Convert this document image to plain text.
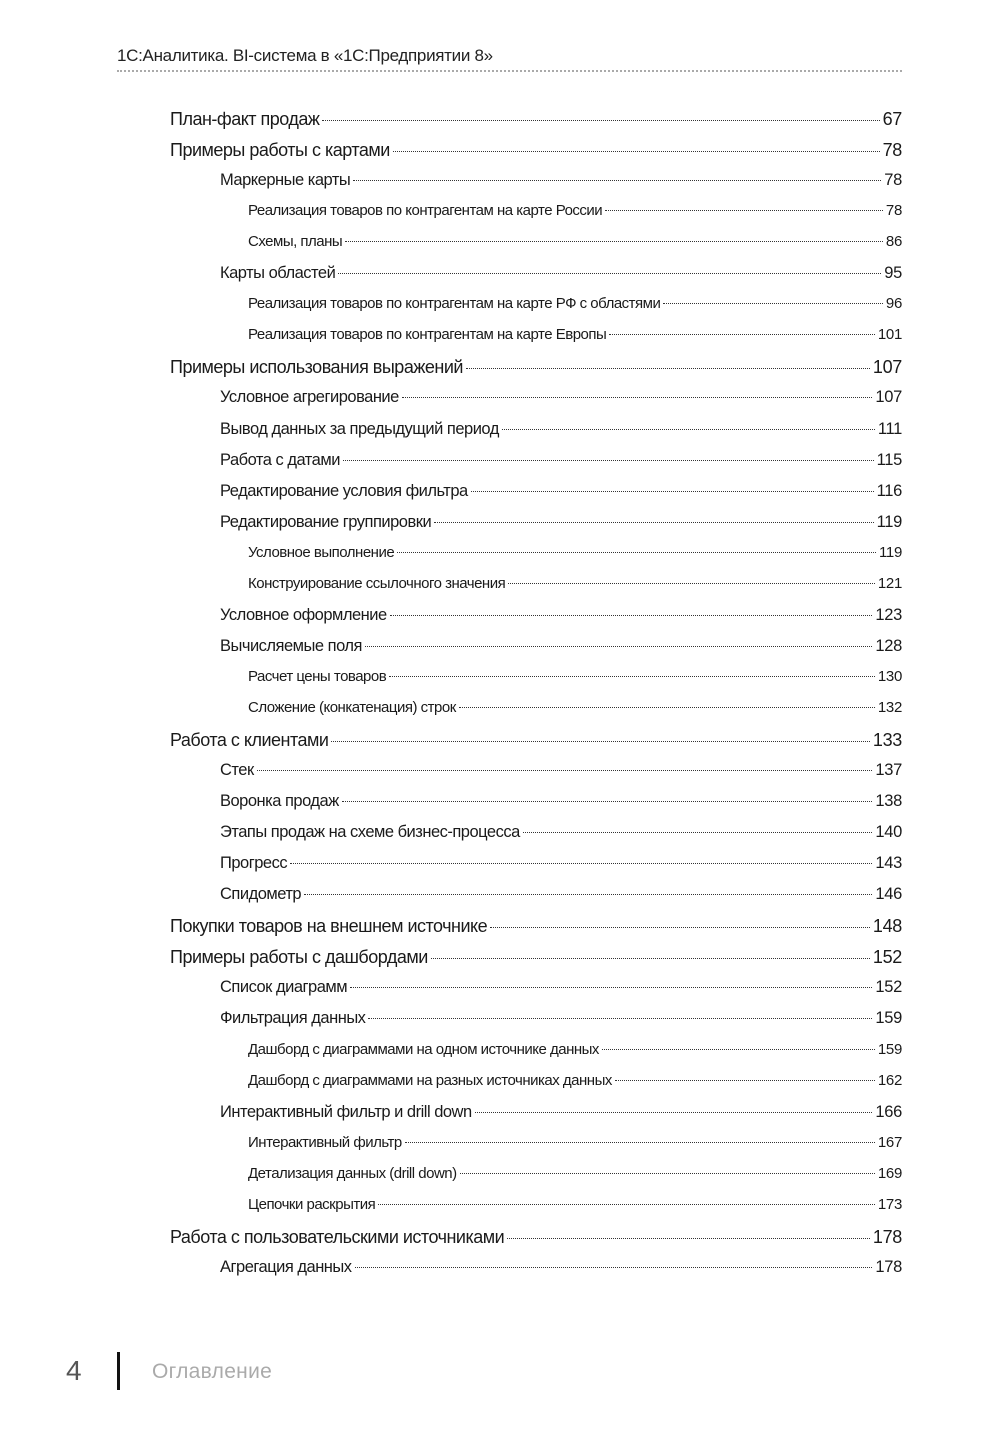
1С:Аналитика. BI-система в «1С:Предприятии 8»
План-факт продаж	67
Примеры работы с картами	78
Маркерные карты	78
Реализация товаров по контрагентам на карте России	78
Схемы, планы	86
Карты областей	95
Реализация товаров по контрагентам на карте РФ с областями	96
Реализация товаров по контрагентам на карте Европы	101
Примеры использования выражений	107
Условное агрегирование	107
Вывод данных за предыдущий период	111
Работа с датами	115
Редактирование условия фильтра	116
Редактирование группировки	119
Условное выполнение	119
Конструирование ссылочного значения	121
Условное оформление	123
Вычисляемые поля	128
Расчет цены товаров	130
Сложение (конкатенация) строк	132
Работа с клиентами	133
Стек	137
Воронка продаж	138
Этапы продаж на схеме бизнес-процесса	140
Прогресс	143
Спидометр	146
Покупки товаров на внешнем источнике	148
Примеры работы с дашбордами	152
Список диаграмм	152
Фильтрация данных	159
Дашборд с диаграммами на одном источнике данных	159
Дашборд с диаграммами на разных источниках данных	162
Интерактивный фильтр и drill down	166
Интерактивный фильтр	167
Детализация данных (drill down)	169
Цепочки раскрытия	173
Работа с пользовательскими источниками	178
Агрегация данных	178
4	Оглавление
